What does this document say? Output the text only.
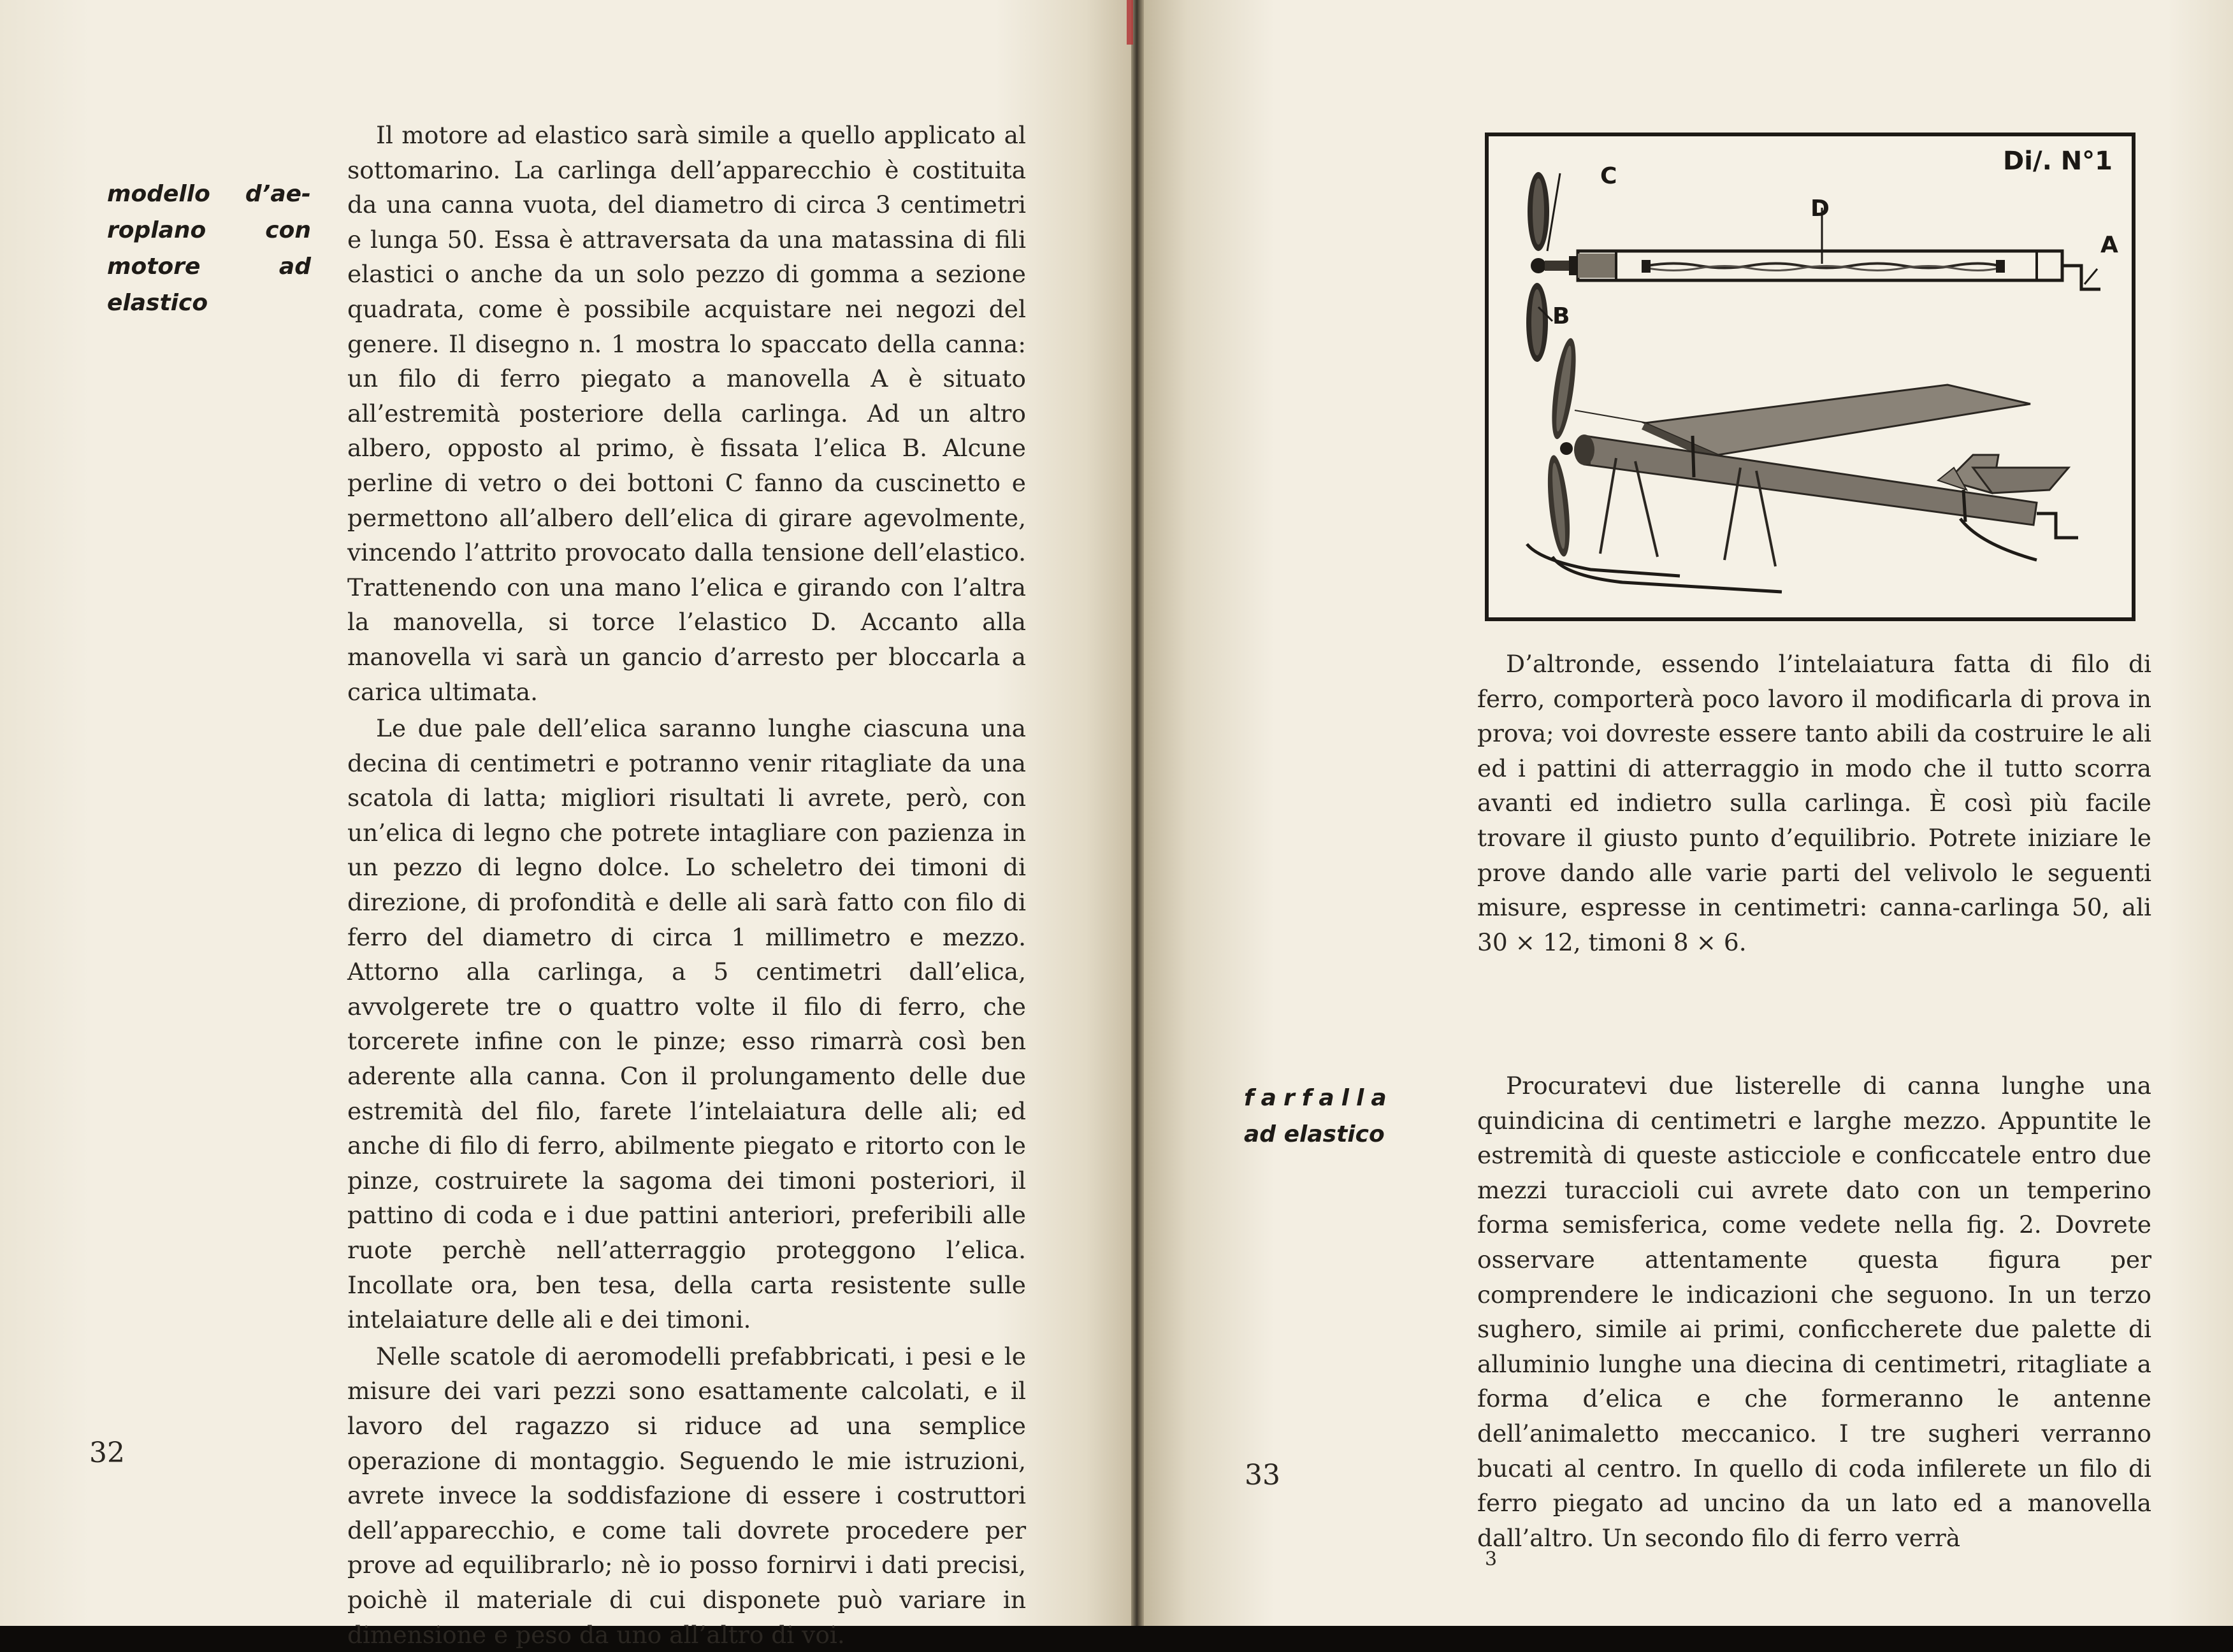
modello d’ae-
roplano con
motore ad
elastico

Il motore ad elastico sarà simile a quello applicato al sottomarino. La carlinga dell’apparecchio è costituita da una canna vuota, del diametro di circa 3 centimetri e lunga 50. Essa è attraversata da una matassina di fili elastici o anche da un solo pezzo di gomma a sezione quadrata, come è possibile acquistare nei negozi del genere. Il disegno n. 1 mostra lo spaccato della canna: un filo di ferro piegato a manovella A è situato all’estremità posteriore della carlinga. Ad un altro albero, opposto al primo, è fissata l’elica B. Alcune perline di vetro o dei bottoni C fanno da cuscinetto e permettono all’albero dell’elica di girare agevolmente, vincendo l’attrito provocato dalla tensione dell’elastico. Trattenendo con una mano l’elica e girando con l’altra la manovella, si torce l’elastico D. Accanto alla manovella vi sarà un gancio d’arresto per bloccarla a carica ultimata.

Le due pale dell’elica saranno lunghe ciascuna una decina di centimetri e potranno venir ritagliate da una scatola di latta; migliori risultati li avrete, però, con un’elica di legno che potrete intagliare con pazienza in un pezzo di legno dolce. Lo scheletro dei timoni di direzione, di profondità e delle ali sarà fatto con filo di ferro del diametro di circa 1 millimetro e mezzo. Attorno alla carlinga, a 5 centimetri dall’elica, avvolgerete tre o quattro volte il filo di ferro, che torcerete infine con le pinze; esso rimarrà così ben aderente alla canna. Con il prolungamento delle due estremità del filo, farete l’intelaiatura delle ali; ed anche di filo di ferro, abilmente piegato e ritorto con le pinze, costruirete la sagoma dei timoni posteriori, il pattino di coda e i due pattini anteriori, preferibili alle ruote perchè nell’atterraggio proteggono l’elica. Incollate ora, ben tesa, della carta resistente sulle intelaiature delle ali e dei timoni.

Nelle scatole di aeromodelli prefabbricati, i pesi e le misure dei vari pezzi sono esattamente calcolati, e il lavoro del ragazzo si riduce ad una semplice operazione di montaggio. Seguendo le mie istruzioni, avrete invece la soddisfazione di essere i costruttori dell’apparecchio, e come tali dovrete procedere per prove ad equilibrarlo; nè io posso fornirvi i dati precisi, poichè il materiale di cui disponete può variare in dimensione e peso da uno all’altro di voi.

32
Di/. N°1
C
D
A
B

D’altronde, essendo l’intelaiatura fatta di filo di ferro, comporterà poco lavoro il modificarla di prova in prova; voi dovreste essere tanto abili da costruire le ali ed i pattini di atterraggio in modo che il tutto scorra avanti ed indietro sulla carlinga. È così più facile trovare il giusto punto d’equilibrio. Potrete iniziare le prove dando alle varie parti del velivolo le seguenti misure, espresse in centimetri: canna-carlinga 50, ali 30 × 12, timoni 8 × 6.

farfalla
ad elastico

Procuratevi due listerelle di canna lunghe una quindicina di centimetri e larghe mezzo. Appuntite le estremità di queste asticciole e conficcatele entro due mezzi turaccioli cui avrete dato con un temperino forma semisferica, come vedete nella fig. 2. Dovrete osservare attentamente questa figura per comprendere le indicazioni che seguono. In un terzo sughero, simile ai primi, conficcherete due palette di alluminio lunghe una diecina di centimetri, ritagliate a forma d’elica e che formeranno le antenne dell’animaletto meccanico. I tre sugheri verranno bucati al centro. In quello di coda infilerete un filo di ferro piegato ad uncino da un lato ed a manovella dall’altro. Un secondo filo di ferro verrà

33
3
